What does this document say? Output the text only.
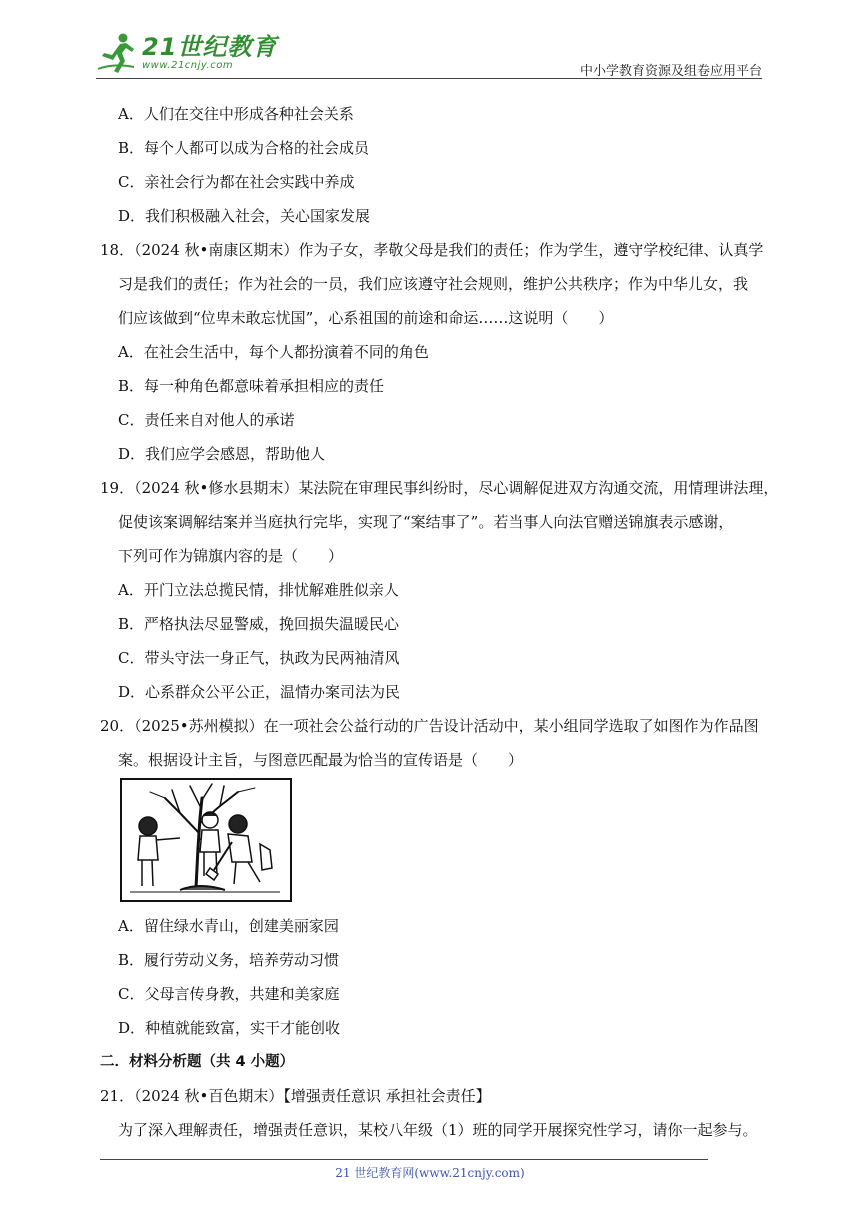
21世纪教育
www.21cnjy.com	中小学教育资源及组卷应用平台
A．人们在交往中形成各种社会关系
B．每个人都可以成为合格的社会成员
C．亲社会行为都在社会实践中养成
D．我们积极融入社会，关心国家发展
18．（2024 秋•南康区期末）作为子女，孝敬父母是我们的责任；作为学生，遵守学校纪律、认真学
习是我们的责任；作为社会的一员，我们应该遵守社会规则，维护公共秩序；作为中华儿女，我
们应该做到“位卑未敢忘忧国”，心系祖国的前途和命运……这说明（　　）
A．在社会生活中，每个人都扮演着不同的角色
B．每一种角色都意味着承担相应的责任
C．责任来自对他人的承诺
D．我们应学会感恩，帮助他人
19．（2024 秋•修水县期末）某法院在审理民事纠纷时，尽心调解促进双方沟通交流，用情理讲法理，
促使该案调解结案并当庭执行完毕，实现了“案结事了”。若当事人向法官赠送锦旗表示感谢，
下列可作为锦旗内容的是（　　）
A．开门立法总揽民情，排忧解难胜似亲人
B．严格执法尽显警威，挽回损失温暖民心
C．带头守法一身正气，执政为民两袖清风
D．心系群众公平公正，温情办案司法为民
20．（2025•苏州模拟）在一项社会公益行动的广告设计活动中，某小组同学选取了如图作为作品图
案。根据设计主旨，与图意匹配最为恰当的宣传语是（　　）
A．留住绿水青山，创建美丽家园
B．履行劳动义务，培养劳动习惯
C．父母言传身教，共建和美家庭
D．种植就能致富，实干才能创收
二．材料分析题（共 4 小题）
21．（2024 秋•百色期末）【增强责任意识 承担社会责任】
为了深入理解责任，增强责任意识，某校八年级（1）班的同学开展探究性学习，请你一起参与。
21 世纪教育网(www.21cnjy.com)
